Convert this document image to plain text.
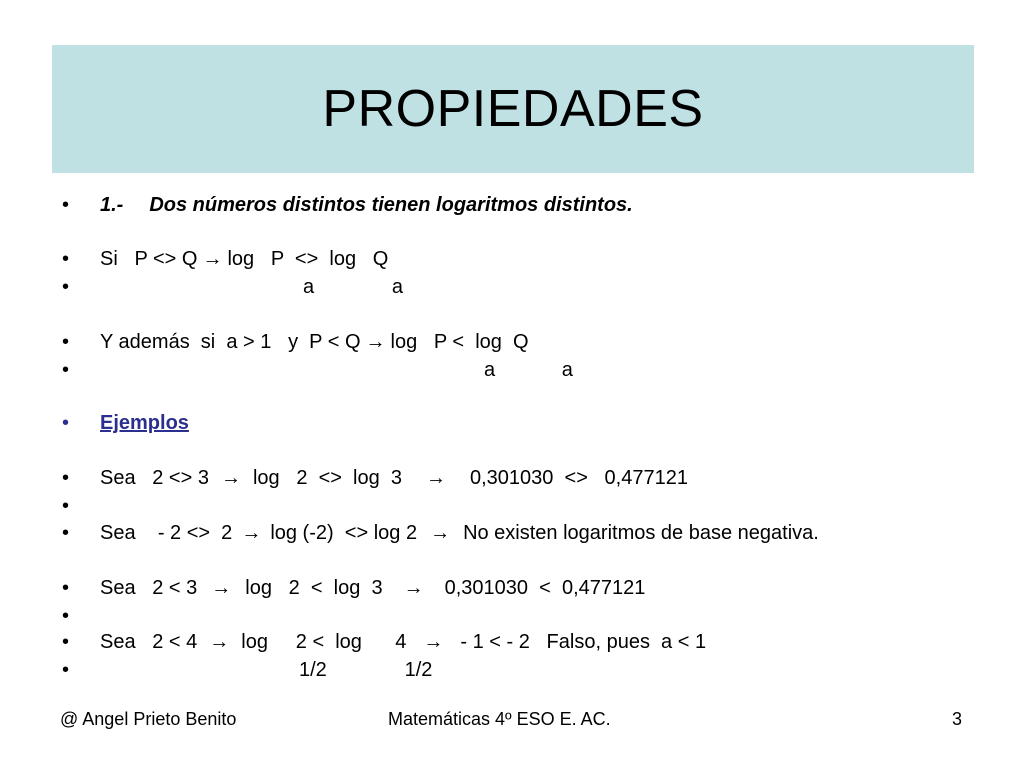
PROPIEDADES

•

1.- Dos números distintos tienen logaritmos distintos.

•

Si   P <> Q → log   P  <>  log   Q

•

	a              a

•

Y además  si  a > 1   y  P < Q → log   P <  log  Q

•

	a            a

•

Ejemplos

•

Sea   2 <> 3 → log   2  <>  log  3 → 0,301030  <>   0,477121

•

•

Sea    - 2 <>  2 → log (-2)  <> log 2 → No existen logaritmos de base negativa.

•

Sea   2 < 3 → log   2  <  log  3 → 0,301030  <  0,477121

•

•

Sea   2 < 4 → log     2 <  log      4 → - 1 < - 2   Falso, pues  a < 1

•

	1/2              1/2

@ Angel Prieto Benito	Matemáticas 4º ESO E. AC.	3
